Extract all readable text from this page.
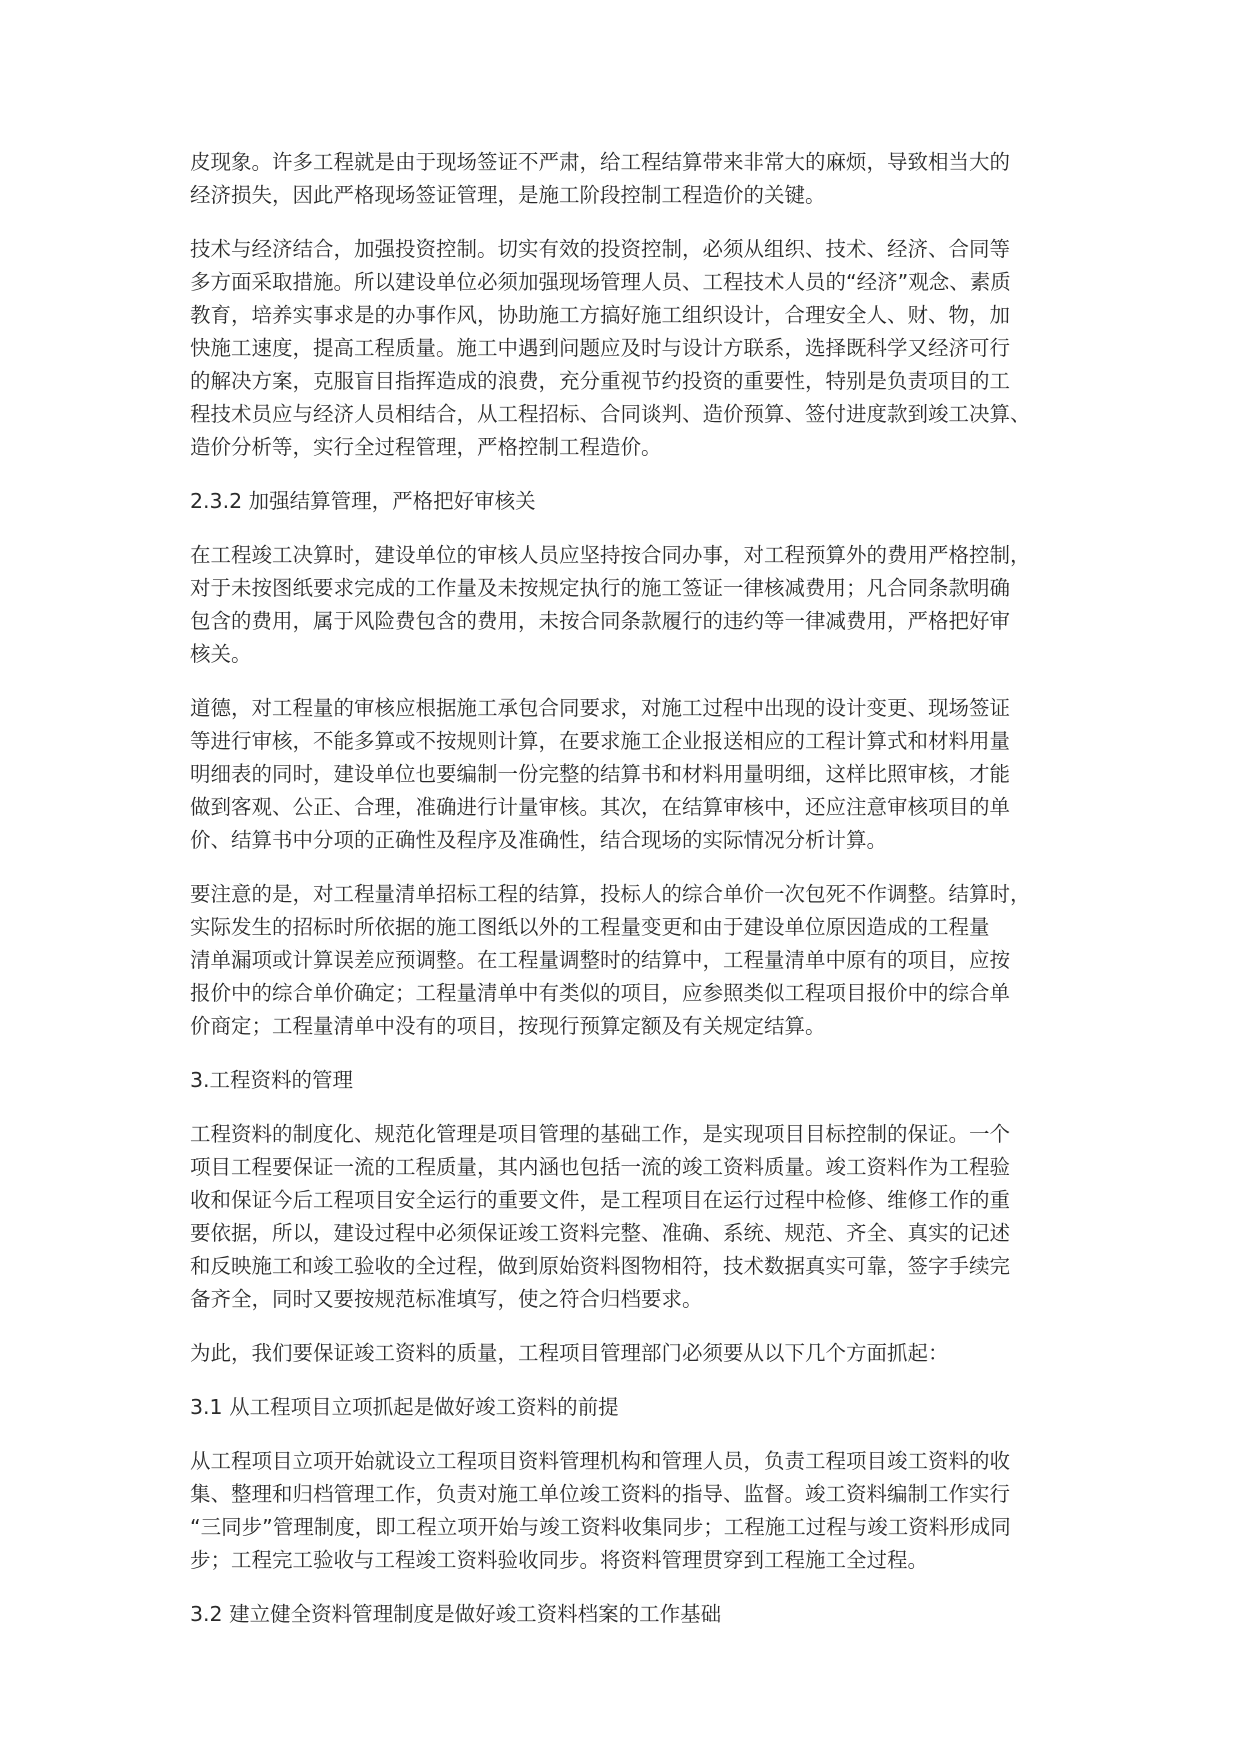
皮现象。许多工程就是由于现场签证不严肃，给工程结算带来非常大的麻烦，导致相当大的
经济损失，因此严格现场签证管理，是施工阶段控制工程造价的关键。

技术与经济结合，加强投资控制。切实有效的投资控制，必须从组织、技术、经济、合同等
多方面采取措施。所以建设单位必须加强现场管理人员、工程技术人员的“经济”观念、素质
教育，培养实事求是的办事作风，协助施工方搞好施工组织设计，合理安全人、财、物，加
快施工速度，提高工程质量。施工中遇到问题应及时与设计方联系，选择既科学又经济可行
的解决方案，克服盲目指挥造成的浪费，充分重视节约投资的重要性，特别是负责项目的工
程技术员应与经济人员相结合，从工程招标、合同谈判、造价预算、签付进度款到竣工决算、
造价分析等，实行全过程管理，严格控制工程造价。

2.3.2 加强结算管理，严格把好审核关

在工程竣工决算时，建设单位的审核人员应坚持按合同办事，对工程预算外的费用严格控制，
对于未按图纸要求完成的工作量及未按规定执行的施工签证一律核减费用；凡合同条款明确
包含的费用，属于风险费包含的费用，未按合同条款履行的违约等一律减费用，严格把好审
核关。

道德，对工程量的审核应根据施工承包合同要求，对施工过程中出现的设计变更、现场签证
等进行审核，不能多算或不按规则计算，在要求施工企业报送相应的工程计算式和材料用量
明细表的同时，建设单位也要编制一份完整的结算书和材料用量明细，这样比照审核，才能
做到客观、公正、合理，准确进行计量审核。其次，在结算审核中，还应注意审核项目的单
价、结算书中分项的正确性及程序及准确性，结合现场的实际情况分析计算。

要注意的是，对工程量清单招标工程的结算，投标人的综合单价一次包死不作调整。结算时，
实际发生的招标时所依据的施工图纸以外的工程量变更和由于建设单位原因造成的工程量
清单漏项或计算误差应预调整。在工程量调整时的结算中，工程量清单中原有的项目，应按
报价中的综合单价确定；工程量清单中有类似的项目，应参照类似工程项目报价中的综合单
价商定；工程量清单中没有的项目，按现行预算定额及有关规定结算。

3.工程资料的管理

工程资料的制度化、规范化管理是项目管理的基础工作，是实现项目目标控制的保证。一个
项目工程要保证一流的工程质量，其内涵也包括一流的竣工资料质量。竣工资料作为工程验
收和保证今后工程项目安全运行的重要文件，是工程项目在运行过程中检修、维修工作的重
要依据，所以，建设过程中必须保证竣工资料完整、准确、系统、规范、齐全、真实的记述
和反映施工和竣工验收的全过程，做到原始资料图物相符，技术数据真实可靠，签字手续完
备齐全，同时又要按规范标准填写，使之符合归档要求。

为此，我们要保证竣工资料的质量，工程项目管理部门必须要从以下几个方面抓起：

3.1 从工程项目立项抓起是做好竣工资料的前提

从工程项目立项开始就设立工程项目资料管理机构和管理人员，负责工程项目竣工资料的收
集、整理和归档管理工作，负责对施工单位竣工资料的指导、监督。竣工资料编制工作实行
“三同步”管理制度，即工程立项开始与竣工资料收集同步；工程施工过程与竣工资料形成同
步；工程完工验收与工程竣工资料验收同步。将资料管理贯穿到工程施工全过程。

3.2 建立健全资料管理制度是做好竣工资料档案的工作基础
